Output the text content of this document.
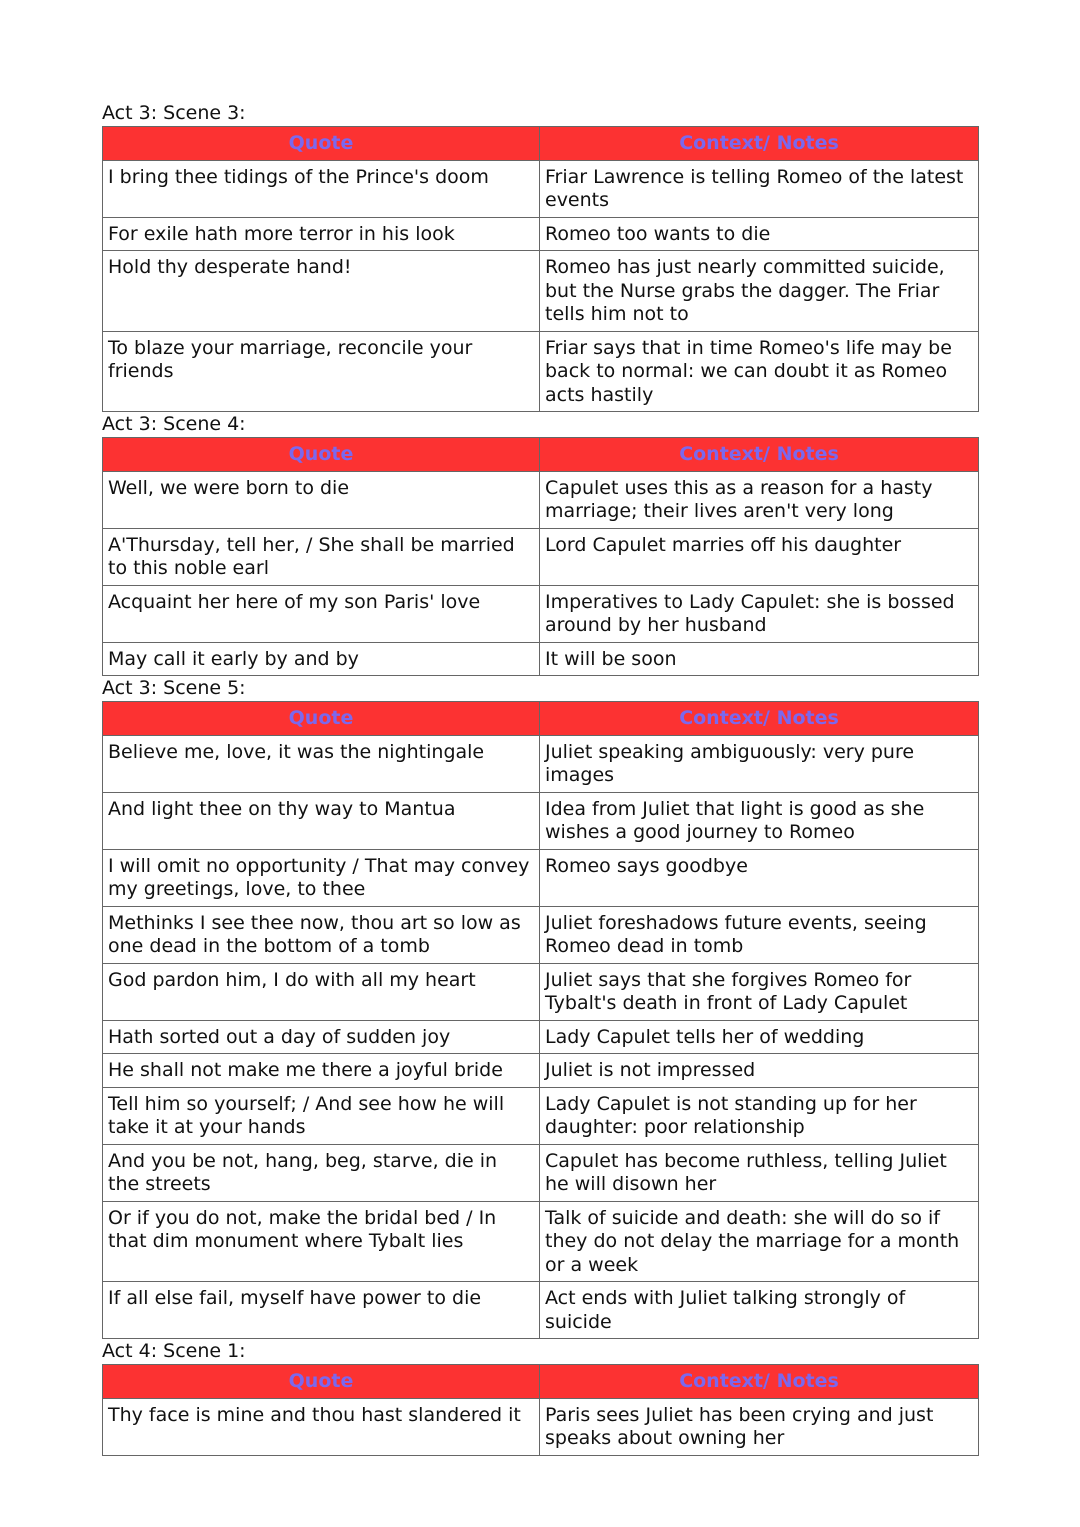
Act 3: Scene 3:
Quote	Context/ Notes
I bring thee tidings of the Prince's doom	Friar Lawrence is telling Romeo of the latest events
For exile hath more terror in his look	Romeo too wants to die
Hold thy desperate hand!	Romeo has just nearly committed suicide, but the Nurse grabs the dagger. The Friar tells him not to
To blaze your marriage, reconcile your friends	Friar says that in time Romeo's life may be back to normal: we can doubt it as Romeo acts hastily
Act 3: Scene 4:
Quote	Context/ Notes
Well, we were born to die	Capulet uses this as a reason for a hasty marriage; their lives aren't very long
A'Thursday, tell her, / She shall be married to this noble earl	Lord Capulet marries off his daughter
Acquaint her here of my son Paris' love	Imperatives to Lady Capulet: she is bossed around by her husband
May call it early by and by	It will be soon
Act 3: Scene 5:
Quote	Context/ Notes
Believe me, love, it was the nightingale	Juliet speaking ambiguously: very pure images
And light thee on thy way to Mantua	Idea from Juliet that light is good as she wishes a good journey to Romeo
I will omit no opportunity / That may convey my greetings, love, to thee	Romeo says goodbye
Methinks I see thee now, thou art so low as one dead in the bottom of a tomb	Juliet foreshadows future events, seeing Romeo dead in tomb
God pardon him, I do with all my heart	Juliet says that she forgives Romeo for Tybalt's death in front of Lady Capulet
Hath sorted out a day of sudden joy	Lady Capulet tells her of wedding
He shall not make me there a joyful bride	Juliet is not impressed
Tell him so yourself; / And see how he will take it at your hands	Lady Capulet is not standing up for her daughter: poor relationship
And you be not, hang, beg, starve, die in the streets	Capulet has become ruthless, telling Juliet he will disown her
Or if you do not, make the bridal bed / In that dim monument where Tybalt lies	Talk of suicide and death: she will do so if they do not delay the marriage for a month or a week
If all else fail, myself have power to die	Act ends with Juliet talking strongly of suicide
Act 4: Scene 1:
Quote	Context/ Notes
Thy face is mine and thou hast slandered it	Paris sees Juliet has been crying and just speaks about owning her
